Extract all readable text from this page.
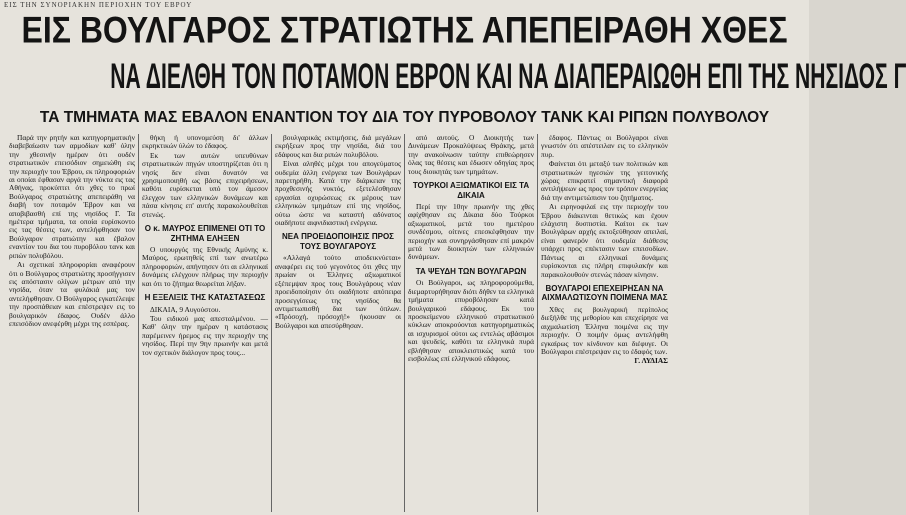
ΕΙΣ ΤΗΝ ΣΥΝΟΡΙΑΚΗΝ ΠΕΡΙΟΧΗΝ ΤΟΥ ΕΒΡΟΥ
ΕΙΣ ΒΟΥΛΓΑΡΟΣ ΣΤΡΑΤΙΩΤΗΣ ΑΠΕΠΕΙΡΑΘΗ ΧΘΕΣ
ΝΑ ΔΙΕΛΘΗ ΤΟΝ ΠΟΤΑΜΟΝ ΕΒΡΟΝ ΚΑΙ ΝΑ ΔΙΑΠΕΡΑΙΩΘΗ ΕΠΙ ΤΗΣ ΝΗΣΙΔΟΣ Γ
ΤΑ ΤΜΗΜΑΤΑ ΜΑΣ ΕΒΑΛΟΝ ΕΝΑΝΤΙΟΝ ΤΟΥ ΔΙΑ ΤΟΥ ΠΥΡΟΒΟΛΟΥ ΤΑΝΚ ΚΑΙ ΡΙΠΩΝ ΠΟΛΥΒΟΛΟΥ

Παρά την ρητήν και κατηγορηματικήν διαβεβαίωσιν των αρμοδίων καθ' όλην την χθεσινήν ημέραν ότι ουδέν στρατιωτικόν επεισόδιον σημειώθη εις την περιοχήν του Έβρου, εκ πληροφοριών αι οποίαι έφθασαν αργά την νύκτα εις τας Αθήνας, προκύπτει ότι χθες το πρωί Βούλγαρος στρατιώτης απεπειράθη να διαβή τον ποταμόν Έβρον και να αποβιβασθή επί της νησίδος Γ. Τα ημέτερα τμήματα, τα οποία ευρίσκοντο εις τας θέσεις των, αντελήφθησαν τον Βούλγαρον στρατιώτην και έβαλον εναντίον του δια του πυροβόλου τανκ και ριπών πολυβόλου.

Αι σχετικαί πληροφορίαι αναφέρουν ότι ο Βούλγαρος στρατιώτης προσήγγισεν εις απόστασιν ολίγων μέτρων από την νησίδα, όταν τα φυλάκιά μας τον αντελήφθησαν. Ο Βούλγαρος εγκατέλειψε την προσπάθειαν και επέστρεψεν εις το βουλγαρικόν έδαφος. Ουδέν άλλο επεισόδιον ανεφέρθη μέχρι της εσπέρας.

θήκη ή υπονομεύση δι' άλλων εκρηκτικών ύλών το έδαφος.

Εκ των αυτών υπευθύνων στρατιωτικών πηγών υποστηρίζεται ότι η νησίς δεν είναι δυνατόν να χρησιμοποιηθή ως βάσις επιχειρήσεων, καθότι ευρίσκεται υπό τον άμεσον έλεγχον των ελληνικών δυνάμεων και πάσα κίνησις επ' αυτής παρακολουθείται στενώς.

Ο κ. ΜΑΥΡΟΣ ΕΠΙΜΕΝΕΙ ΟΤΙ ΤΟ ΖΗΤΗΜΑ ΕΛΗΞΕΝ

Ο υπουργός της Εθνικής Αμύνης κ. Μαύρος, ερωτηθείς επί των ανωτέρω πληροφοριών, απήντησεν ότι αι ελληνικαί δυνάμεις ελέγχουν πλήρως την περιοχήν και ότι το ζήτημα θεωρείται λήξαν.

Η ΕΞΕΛΙΞΙΣ ΤΗΣ ΚΑΤΑΣΤΑΣΕΩΣ

ΔΙΚΑΙΑ, 9 Αυγούστου.

Του ειδικού μας απεσταλμένου. — Καθ' όλην την ημέραν η κατάστασις παρέμεινεν ήρεμος εις την περιοχήν της νησίδος. Περί την 9ην πρωινήν και μετά τον σχετικόν διάλογον προς τους...

βουλγαρικάς εκτιμήσεις, διά μεγάλων εκρήξεων προς την νησίδα, διά του εδάφους και δια ριπών πολυβόλου.

Είναι αληθές μέχρι του απογεύματος ουδεμία άλλη ενέργεια των Βουλγάρων παρετηρήθη. Κατά την διάρκειαν της προχθεσινής νυκτός, εξετελέσθησαν εργασίαι οχυρώσεως εκ μέρους των ελληνικών τμημάτων επί της νησίδος, ούτω ώστε να καταστή αδύνατος οιαδήποτε αιφνιδιαστική ενέργεια.

ΝΕΑ ΠΡΟΕΙΔΟΠΟΙΗΣΙΣ ΠΡΟΣ ΤΟΥΣ ΒΟΥΛΓΑΡΟΥΣ

«Αλλαγά τούτο αποδεικνύεται» αναφέρει εις τού γεγονότος ότι χθες την πρωίαν οι Έλληνες αξιωματικοί εξέπεμψαν προς τους Βουλγάρους νέαν προειδοποίησιν ότι οιαδήποτε απόπειρα προσεγγίσεως της νησίδος θα αντιμετωπισθή δια των όπλων. «Πρόσοχή, πρόσοχή!» ήκουσαν οι Βούλγαροι και απεσύρθησαν.

από αυτούς. Ο Διοικητής των Δυνάμεων Προκαλύψεως Θράκης, μετά την ανακοίνωσιν ταύτην επιθεώρησεν όλας τας θέσεις και έδωσεν οδηγίας προς τους διοικητάς των τμημάτων.

ΤΟΥΡΚΟΙ ΑΞΙΩΜΑΤΙΚΟΙ ΕΙΣ ΤΑ ΔΙΚΑΙΑ

Περί την 10ην πρωινήν της χθες αφίχθησαν εις Δίκαια δύο Τούρκοι αξιωματικοί, μετά του ημετέρου συνδέσμου, οίτινες επεσκέφθησαν την περιοχήν και συνηργάσθησαν επί μακρόν μετά των διοικητών των ελληνικών δυνάμεων.

ΤΑ ΨΕΥΔΗ ΤΩΝ ΒΟΥΛΓΑΡΩΝ

Οι Βούλγαροι, ως πληροφορούμεθα, διεμαρτυρήθησαν διότι δήθεν τα ελληνικά τμήματα επυροβόλησαν κατά βουλγαρικού εδάφους. Εκ του προσκείμενου ελληνικού στρατιωτικού κύκλων αποκρούονται κατηγορηματικώς αι ισχυρισμοί ούτοι ως εντελώς αβάσιμοι και ψευδείς, καθότι τα ελληνικά πυρά εβλήθησαν αποκλειστικώς κατά του εισβολέως επί ελληνικού εδάφους.

έδαφος. Πάντως οι Βούλγαροι είναι γνωστόν ότι απέστειλαν εις το ελληνικόν πυρ.

Φαίνεται ότι μεταξύ των πολιτικών και στρατιωτικών ηγεσιών της γειτονικής χώρας επικρατεί σημαντική διαφορά αντιλήψεων ως προς τον τρόπον ενεργείας διά την αντιμετώπισιν του ζητήματος.

Αι ειρηνοφιλαί εις την περιοχήν του Έβρου διάκεινται θετικώς και έχουν ελάχιστη δυσπιστία. Καίτοι εκ των Βουλγάρων αρχής εκτοξεύθησαν απειλαί, είναι φανερόν ότι ουδεμία διάθεσις υπάρχει προς επέκτασιν των επεισοδίων. Πάντως αι ελληνικαί δυνάμεις ευρίσκονται εις πλήρη επιφυλακήν και παρακολουθούν στενώς πάσαν κίνησιν.

ΒΟΥΛΓΑΡΟΙ ΕΠΕΧΕΙΡΗΣΑΝ ΝΑ ΑΙΧΜΑΛΩΤΙΣΟΥΝ ΠΟΙΜΕΝΑ ΜΑΣ

Χθες εις βουλγαρική περίπολος διεξήλθε της μεθορίου και επεχείρησε να αιχμαλωτίση Έλληνα ποιμένα εις την περιοχήν. Ο ποιμήν όμως αντελήφθη εγκαίρως τον κίνδυνον και διέφυγε. Οι Βούλγαροι επέστρεψαν εις το έδαφός των.

Γ. ΛΥΔΙΑΣ
